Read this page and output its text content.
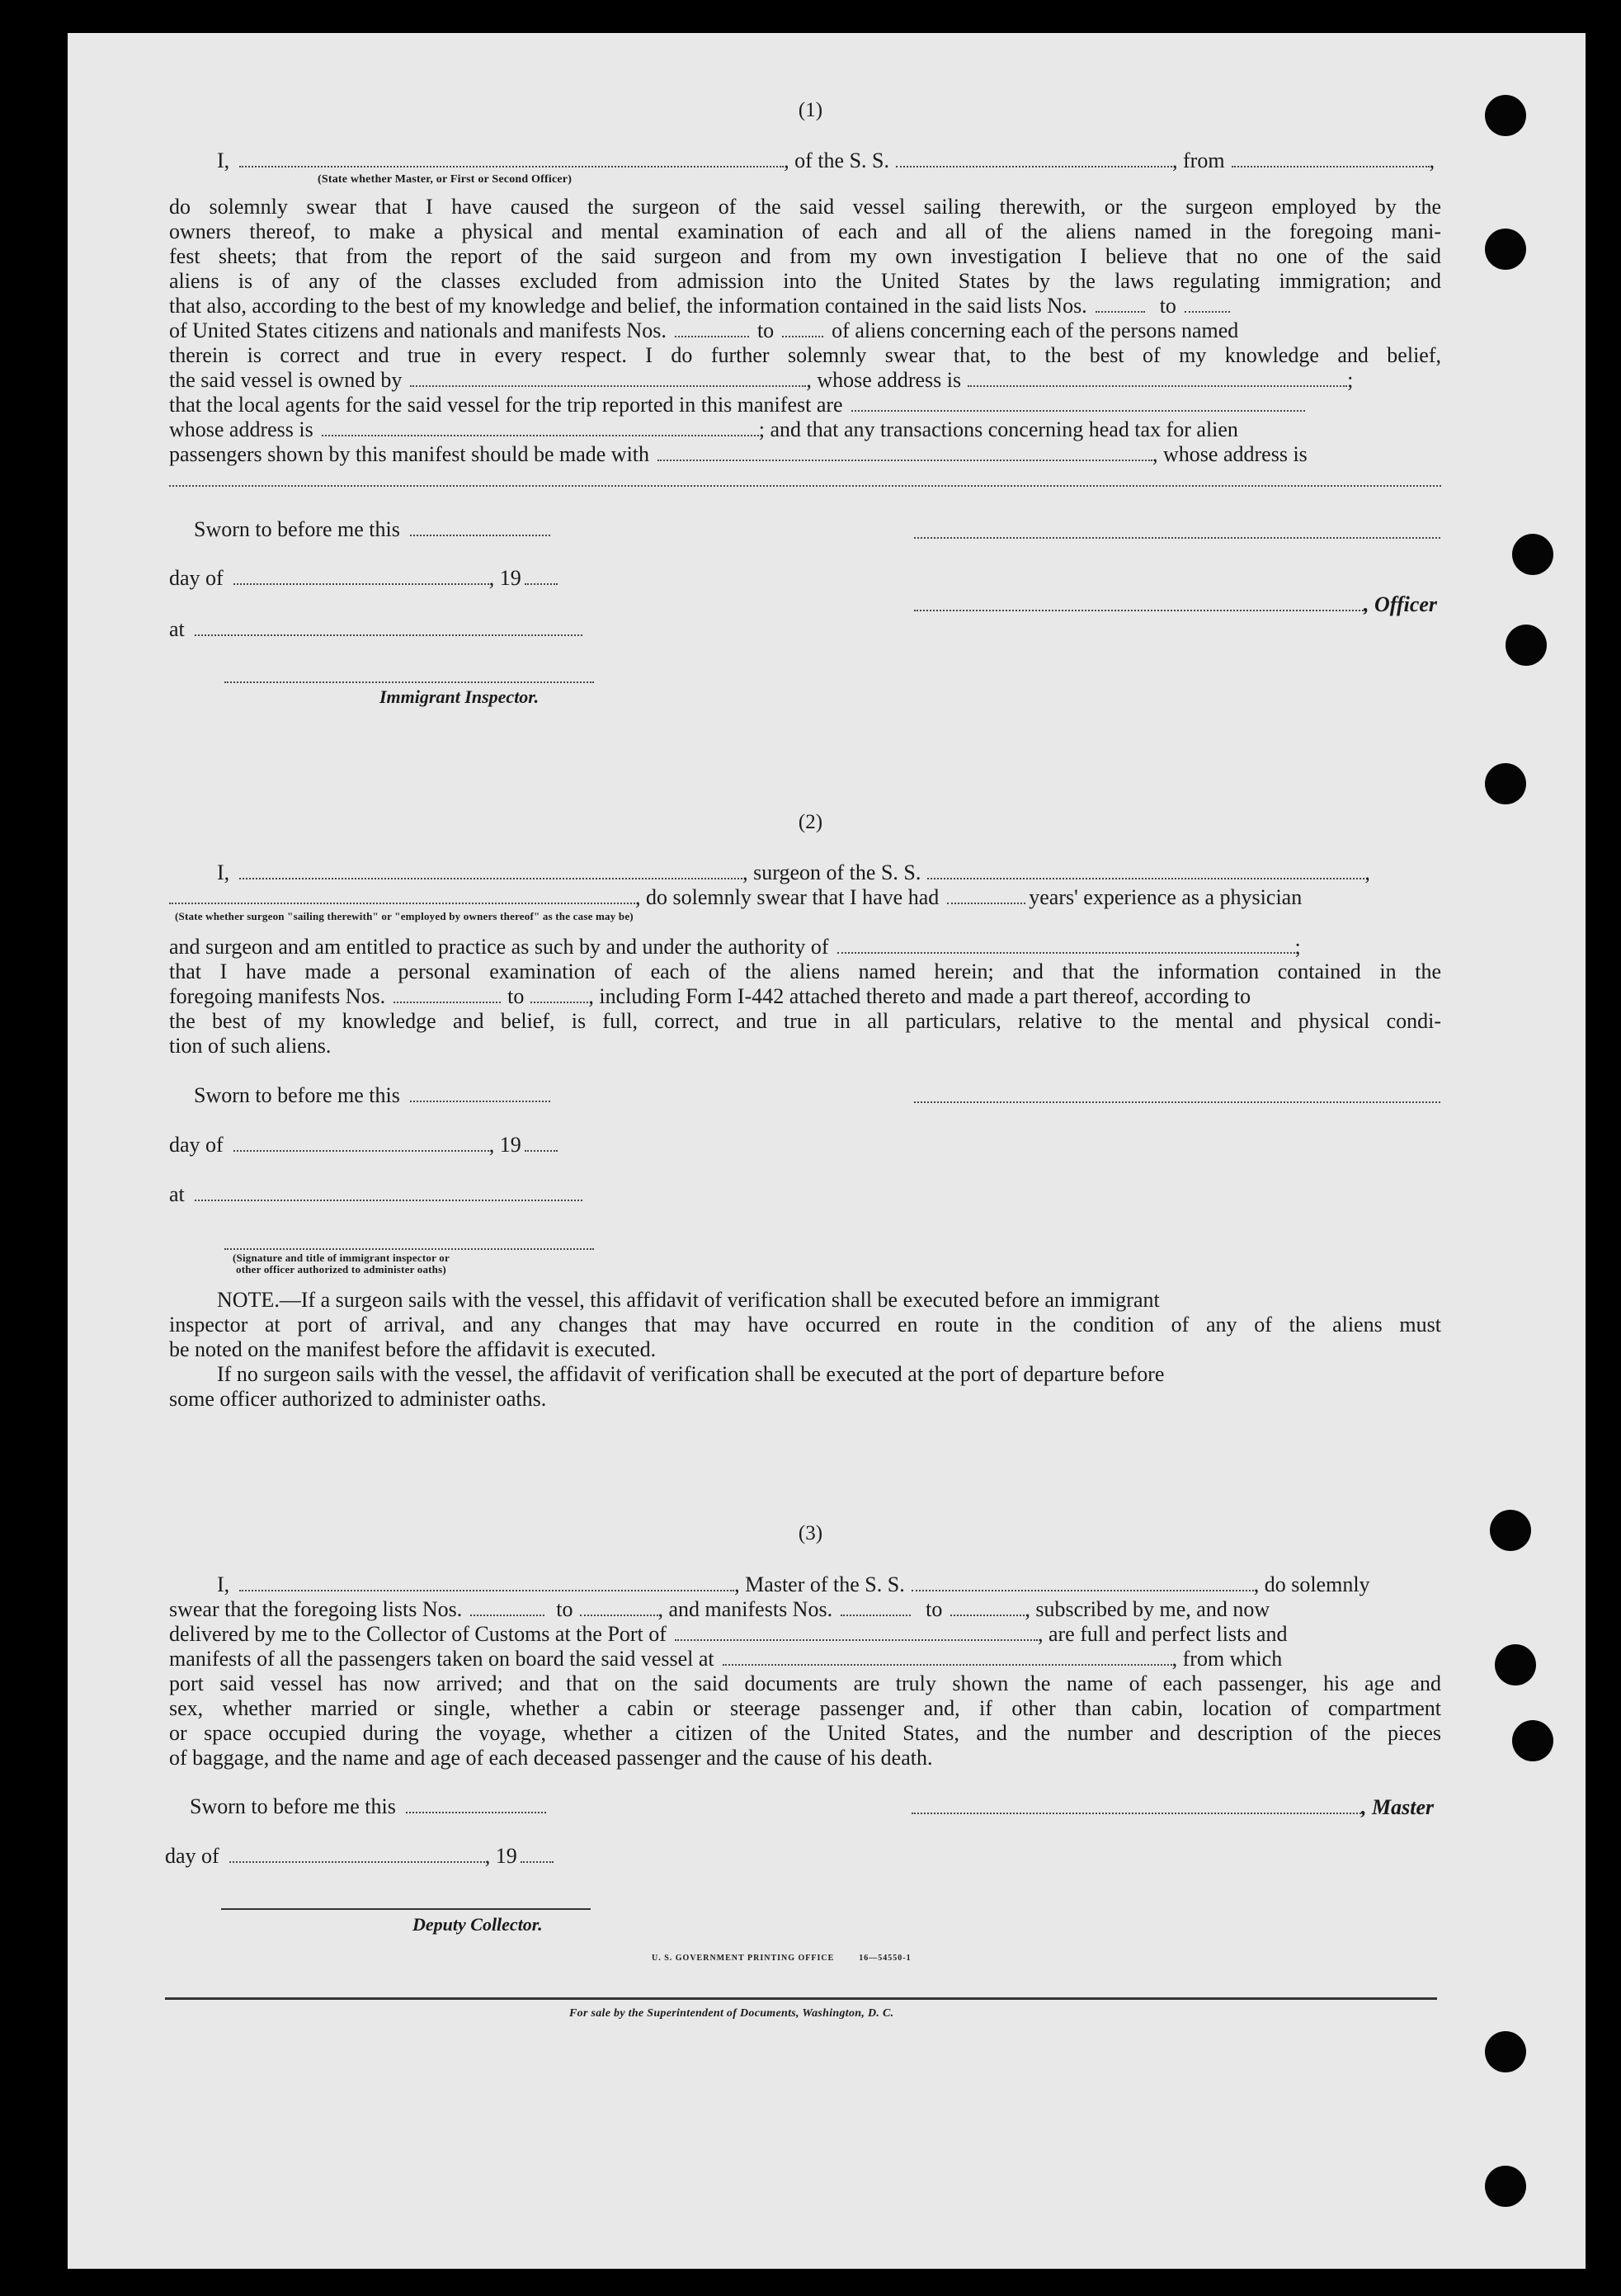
(1)
I,	, of the S. S.	, from	,
(State whether Master, or First or Second Officer)
do solemnly swear that I have caused the surgeon of the said vessel sailing therewith, or the surgeon employed by the
owners thereof, to make a physical and mental examination of each and all of the aliens named in the foregoing mani-
fest sheets; that from the report of the said surgeon and from my own investigation I believe that no one of the said
aliens is of any of the classes excluded from admission into the United States by the laws regulating immigration; and
that also, according to the best of my knowledge and belief, the information contained in the said lists Nos.	to
of United States citizens and nationals and manifests Nos.	to	of aliens concerning each of the persons named
therein is correct and true in every respect. I do further solemnly swear that, to the best of my knowledge and belief,
the said vessel is owned by	, whose address is	;
that the local agents for the said vessel for the trip reported in this manifest are
whose address is	; and that any transactions concerning head tax for alien
passengers shown by this manifest should be made with	, whose address is
Sworn to before me this
day of	, 19
, Officer
at
Immigrant Inspector.
(2)
I,	, surgeon of the S. S.	,
, do solemnly swear that I have had	years' experience as a physician
(State whether surgeon "sailing therewith" or "employed by owners thereof" as the case may be)
and surgeon and am entitled to practice as such by and under the authority of	;
that I have made a personal examination of each of the aliens named herein; and that the information contained in the
foregoing manifests Nos.	to	, including Form I-442 attached thereto and made a part thereof, according to
the best of my knowledge and belief, is full, correct, and true in all particulars, relative to the mental and physical condi-
tion of such aliens.
Sworn to before me this
day of	, 19
at
(Signature and title of immigrant inspector or
other officer authorized to administer oaths)
NOTE.—If a surgeon sails with the vessel, this affidavit of verification shall be executed before an immigrant
inspector at port of arrival, and any changes that may have occurred en route in the condition of any of the aliens must
be noted on the manifest before the affidavit is executed.
If no surgeon sails with the vessel, the affidavit of verification shall be executed at the port of departure before
some officer authorized to administer oaths.
(3)
I,	, Master of the S. S.	, do solemnly
swear that the foregoing lists Nos.	to	, and manifests Nos.	to	, subscribed by me, and now
delivered by me to the Collector of Customs at the Port of	, are full and perfect lists and
manifests of all the passengers taken on board the said vessel at	, from which
port said vessel has now arrived; and that on the said documents are truly shown the name of each passenger, his age and
sex, whether married or single, whether a cabin or steerage passenger and, if other than cabin, location of compartment
or space occupied during the voyage, whether a citizen of the United States, and the number and description of the pieces
of baggage, and the name and age of each deceased passenger and the cause of his death.
Sworn to before me this	, Master
day of	, 19
Deputy Collector.
U. S. GOVERNMENT PRINTING OFFICE	16—54550-1
For sale by the Superintendent of Documents, Washington, D. C.
